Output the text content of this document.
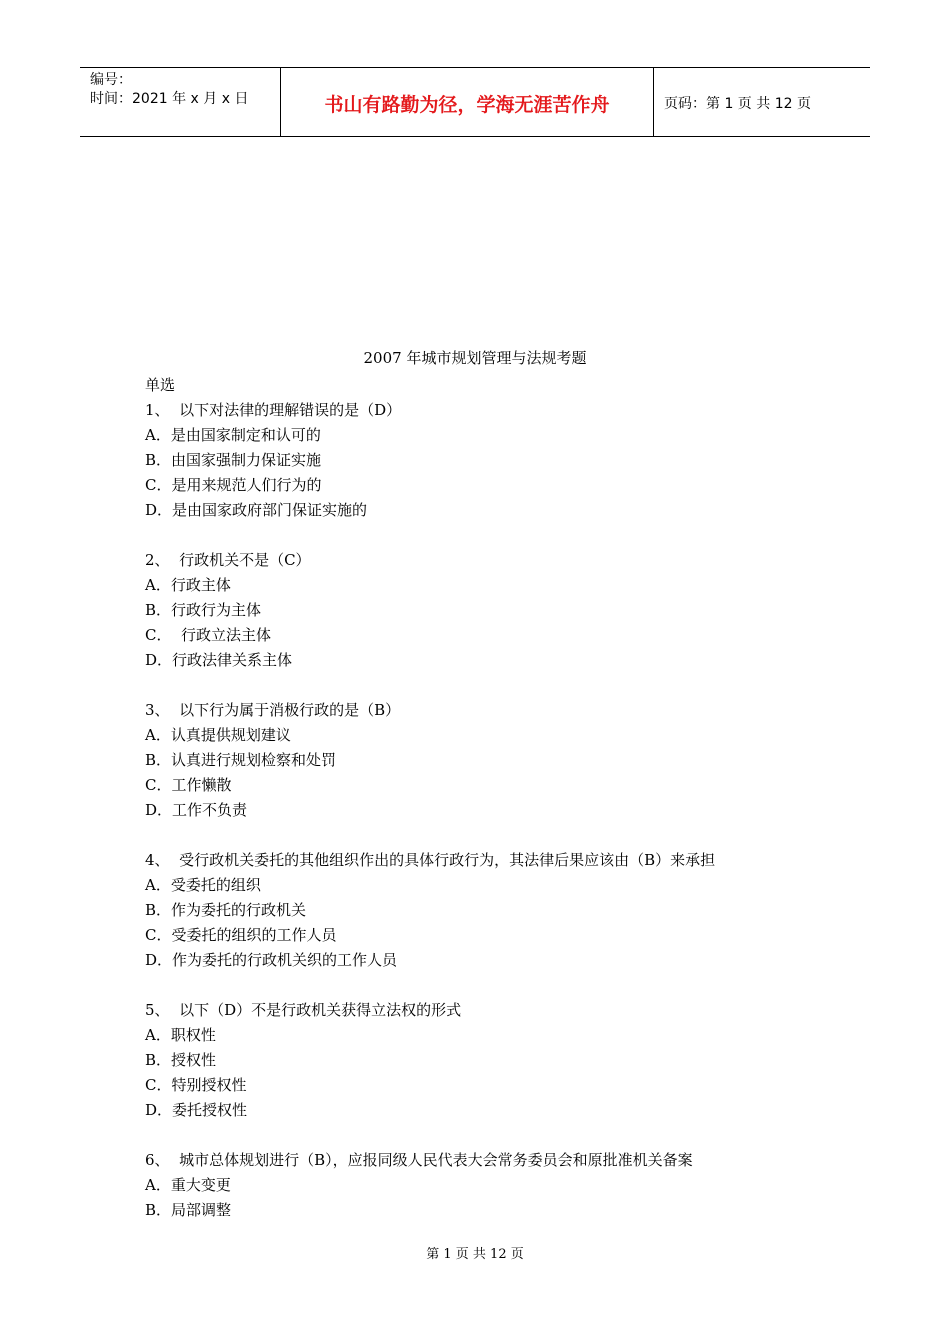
编号：
时间：2021 年 x 月 x 日	书山有路勤为径，学海无涯苦作舟	页码：第 1 页 共 12 页
2007 年城市规划管理与法规考题
单选
1、  以下对法律的理解错误的是（D）
A．是由国家制定和认可的
B．由国家强制力保证实施
C．是用来规范人们行为的
D．是由国家政府部门保证实施的
2、  行政机关不是（C）
A．行政主体
B．行政行为主体
C．  行政立法主体
D．行政法律关系主体
3、  以下行为属于消极行政的是（B）
A．认真提供规划建议
B．认真进行规划检察和处罚
C．工作懒散
D．工作不负责
4、  受行政机关委托的其他组织作出的具体行政行为，其法律后果应该由（B）来承担
A．受委托的组织
B．作为委托的行政机关
C．受委托的组织的工作人员
D．作为委托的行政机关织的工作人员
5、  以下（D）不是行政机关获得立法权的形式
A．职权性
B．授权性
C．特别授权性
D．委托授权性
6、  城市总体规划进行（B），应报同级人民代表大会常务委员会和原批准机关备案
A．重大变更
B．局部调整
第 1 页 共 12 页
